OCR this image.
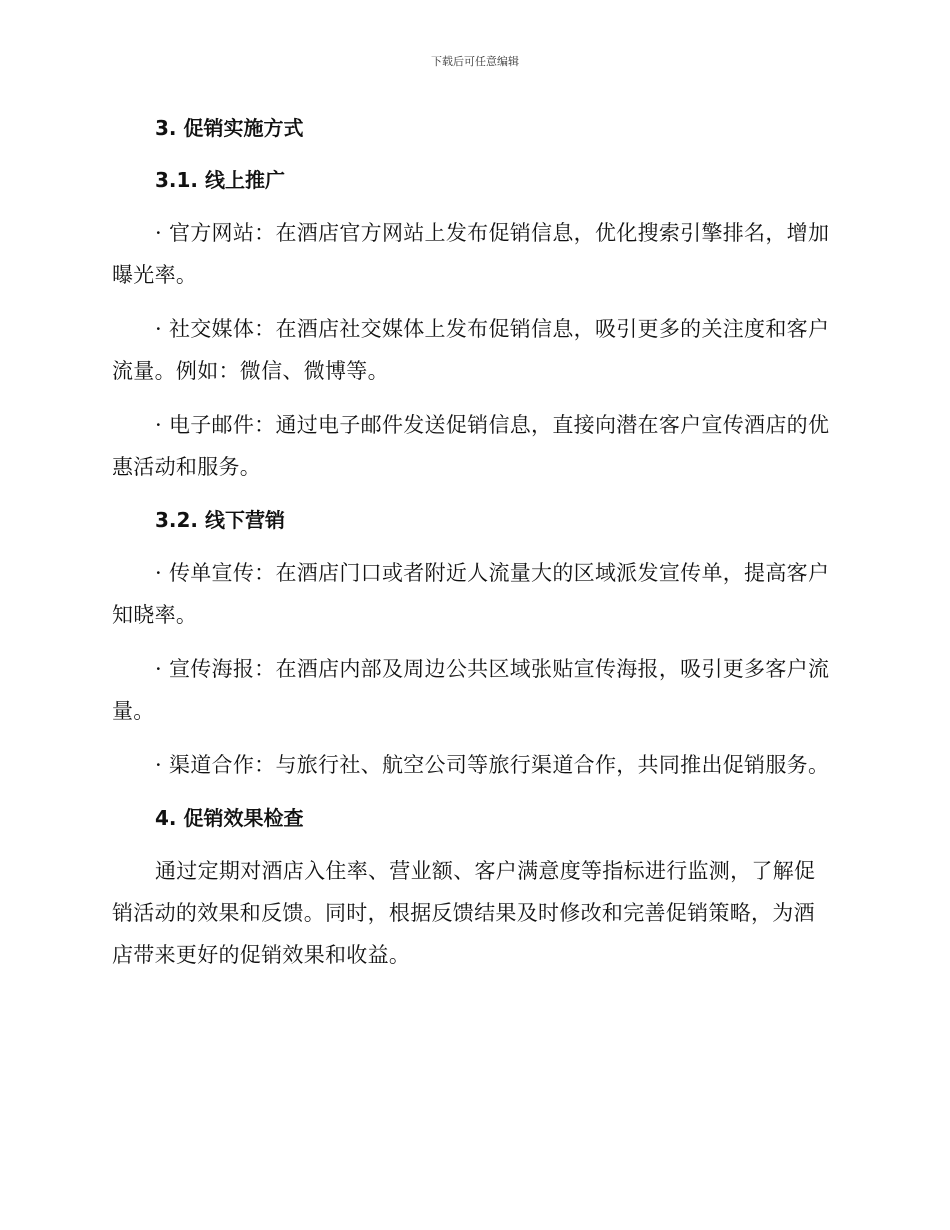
下载后可任意编辑
3. 促销实施方式
3.1. 线上推广

· 官方网站：在酒店官方网站上发布促销信息，优化搜索引擎排名，增加曝光率。

· 社交媒体：在酒店社交媒体上发布促销信息，吸引更多的关注度和客户流量。例如：微信、微博等。

· 电子邮件：通过电子邮件发送促销信息，直接向潜在客户宣传酒店的优惠活动和服务。

3.2. 线下营销

· 传单宣传：在酒店门口或者附近人流量大的区域派发宣传单，提高客户知晓率。

· 宣传海报：在酒店内部及周边公共区域张贴宣传海报，吸引更多客户流量。

· 渠道合作：与旅行社、航空公司等旅行渠道合作，共同推出促销服务。

4. 促销效果检查

通过定期对酒店入住率、营业额、客户满意度等指标进行监测，了解促销活动的效果和反馈。同时，根据反馈结果及时修改和完善促销策略，为酒店带来更好的促销效果和收益。
